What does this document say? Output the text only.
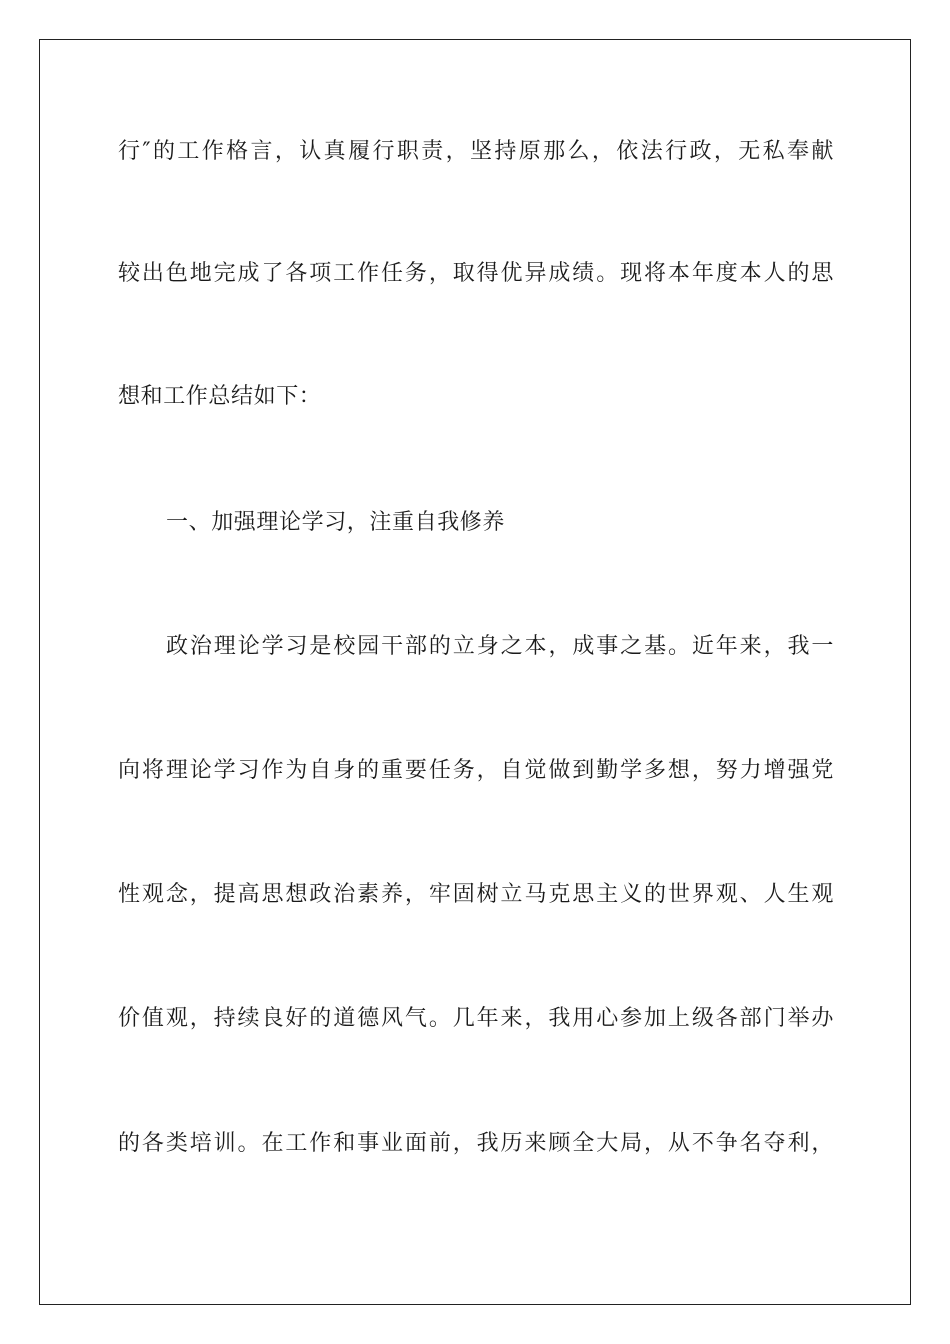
行″的工作格言，认真履行职责，坚持原那么，依法行政，无私奉献
较出色地完成了各项工作任务，取得优异成绩。现将本年度本人的思
想和工作总结如下：
一、加强理论学习，注重自我修养
政治理论学习是校园干部的立身之本，成事之基。近年来，我一
向将理论学习作为自身的重要任务，自觉做到勤学多想，努力增强党
性观念，提高思想政治素养，牢固树立马克思主义的世界观、人生观
价值观，持续良好的道德风气。几年来，我用心参加上级各部门举办
的各类培训。在工作和事业面前，我历来顾全大局，从不争名夺利，
